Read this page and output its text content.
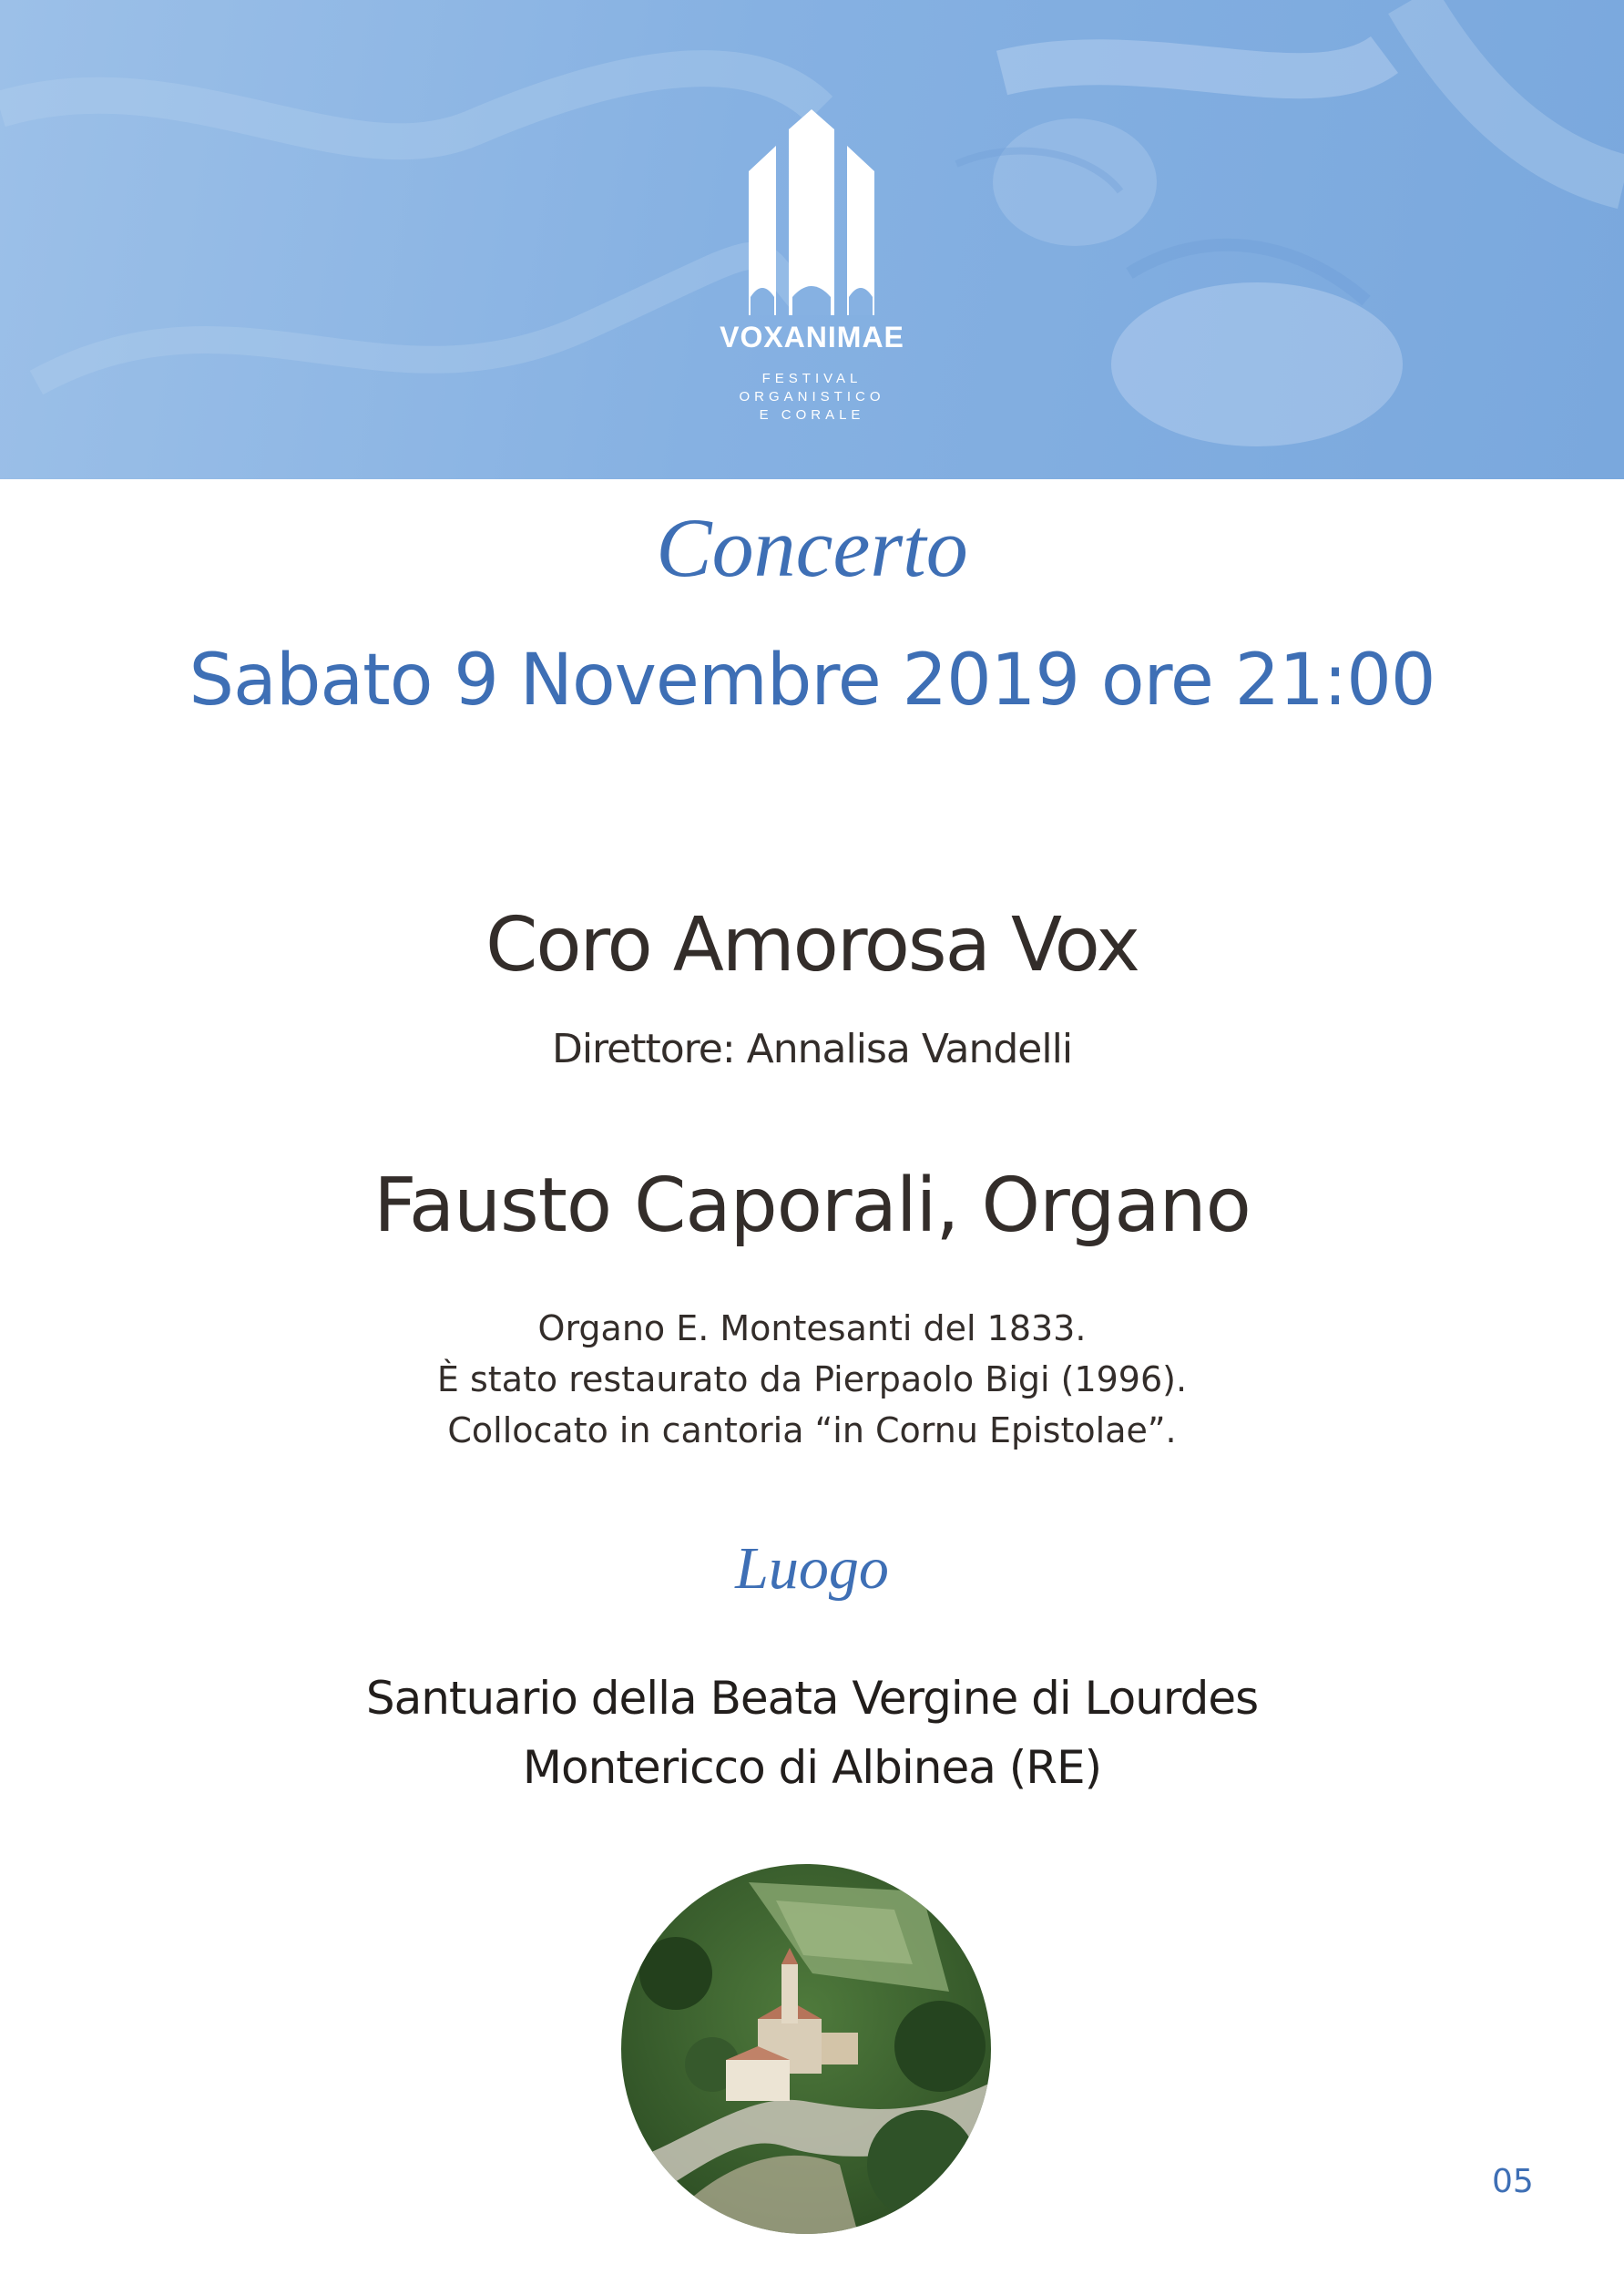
VOXANIMAE
FESTIVAL
ORGANISTICO
E CORALE
Concerto
Sabato 9 Novembre 2019 ore 21:00
Coro Amorosa Vox
Direttore: Annalisa Vandelli
Fausto Caporali, Organo
Organo E. Montesanti del 1833.
È stato restaurato da Pierpaolo Bigi (1996).
Collocato in cantoria “in Cornu Epistolae”.
Luogo
Santuario della Beata Vergine di Lourdes
Montericco di Albinea (RE)
05
